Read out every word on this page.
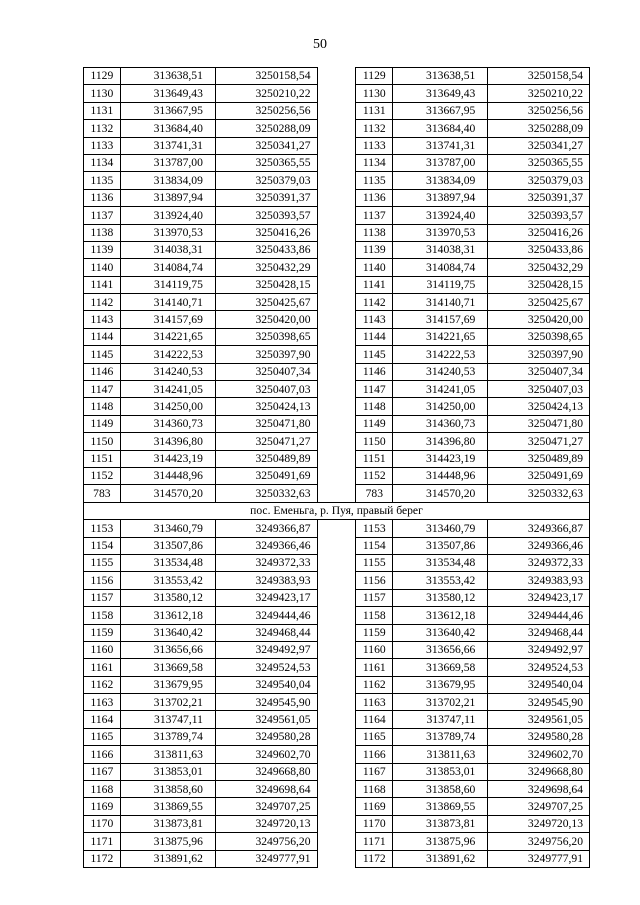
50
1129	313638,51	3250158,54		1129	313638,51	3250158,54
1130	313649,43	3250210,22		1130	313649,43	3250210,22
1131	313667,95	3250256,56		1131	313667,95	3250256,56
1132	313684,40	3250288,09		1132	313684,40	3250288,09
1133	313741,31	3250341,27		1133	313741,31	3250341,27
1134	313787,00	3250365,55		1134	313787,00	3250365,55
1135	313834,09	3250379,03		1135	313834,09	3250379,03
1136	313897,94	3250391,37		1136	313897,94	3250391,37
1137	313924,40	3250393,57		1137	313924,40	3250393,57
1138	313970,53	3250416,26		1138	313970,53	3250416,26
1139	314038,31	3250433,86		1139	314038,31	3250433,86
1140	314084,74	3250432,29		1140	314084,74	3250432,29
1141	314119,75	3250428,15		1141	314119,75	3250428,15
1142	314140,71	3250425,67		1142	314140,71	3250425,67
1143	314157,69	3250420,00		1143	314157,69	3250420,00
1144	314221,65	3250398,65		1144	314221,65	3250398,65
1145	314222,53	3250397,90		1145	314222,53	3250397,90
1146	314240,53	3250407,34		1146	314240,53	3250407,34
1147	314241,05	3250407,03		1147	314241,05	3250407,03
1148	314250,00	3250424,13		1148	314250,00	3250424,13
1149	314360,73	3250471,80		1149	314360,73	3250471,80
1150	314396,80	3250471,27		1150	314396,80	3250471,27
1151	314423,19	3250489,89		1151	314423,19	3250489,89
1152	314448,96	3250491,69		1152	314448,96	3250491,69
783	314570,20	3250332,63		783	314570,20	3250332,63
пос. Еменьга, р. Пуя, правый берег						
1153	313460,79	3249366,87		1153	313460,79	3249366,87
1154	313507,86	3249366,46		1154	313507,86	3249366,46
1155	313534,48	3249372,33		1155	313534,48	3249372,33
1156	313553,42	3249383,93		1156	313553,42	3249383,93
1157	313580,12	3249423,17		1157	313580,12	3249423,17
1158	313612,18	3249444,46		1158	313612,18	3249444,46
1159	313640,42	3249468,44		1159	313640,42	3249468,44
1160	313656,66	3249492,97		1160	313656,66	3249492,97
1161	313669,58	3249524,53		1161	313669,58	3249524,53
1162	313679,95	3249540,04		1162	313679,95	3249540,04
1163	313702,21	3249545,90		1163	313702,21	3249545,90
1164	313747,11	3249561,05		1164	313747,11	3249561,05
1165	313789,74	3249580,28		1165	313789,74	3249580,28
1166	313811,63	3249602,70		1166	313811,63	3249602,70
1167	313853,01	3249668,80		1167	313853,01	3249668,80
1168	313858,60	3249698,64		1168	313858,60	3249698,64
1169	313869,55	3249707,25		1169	313869,55	3249707,25
1170	313873,81	3249720,13		1170	313873,81	3249720,13
1171	313875,96	3249756,20		1171	313875,96	3249756,20
1172	313891,62	3249777,91		1172	313891,62	3249777,91
